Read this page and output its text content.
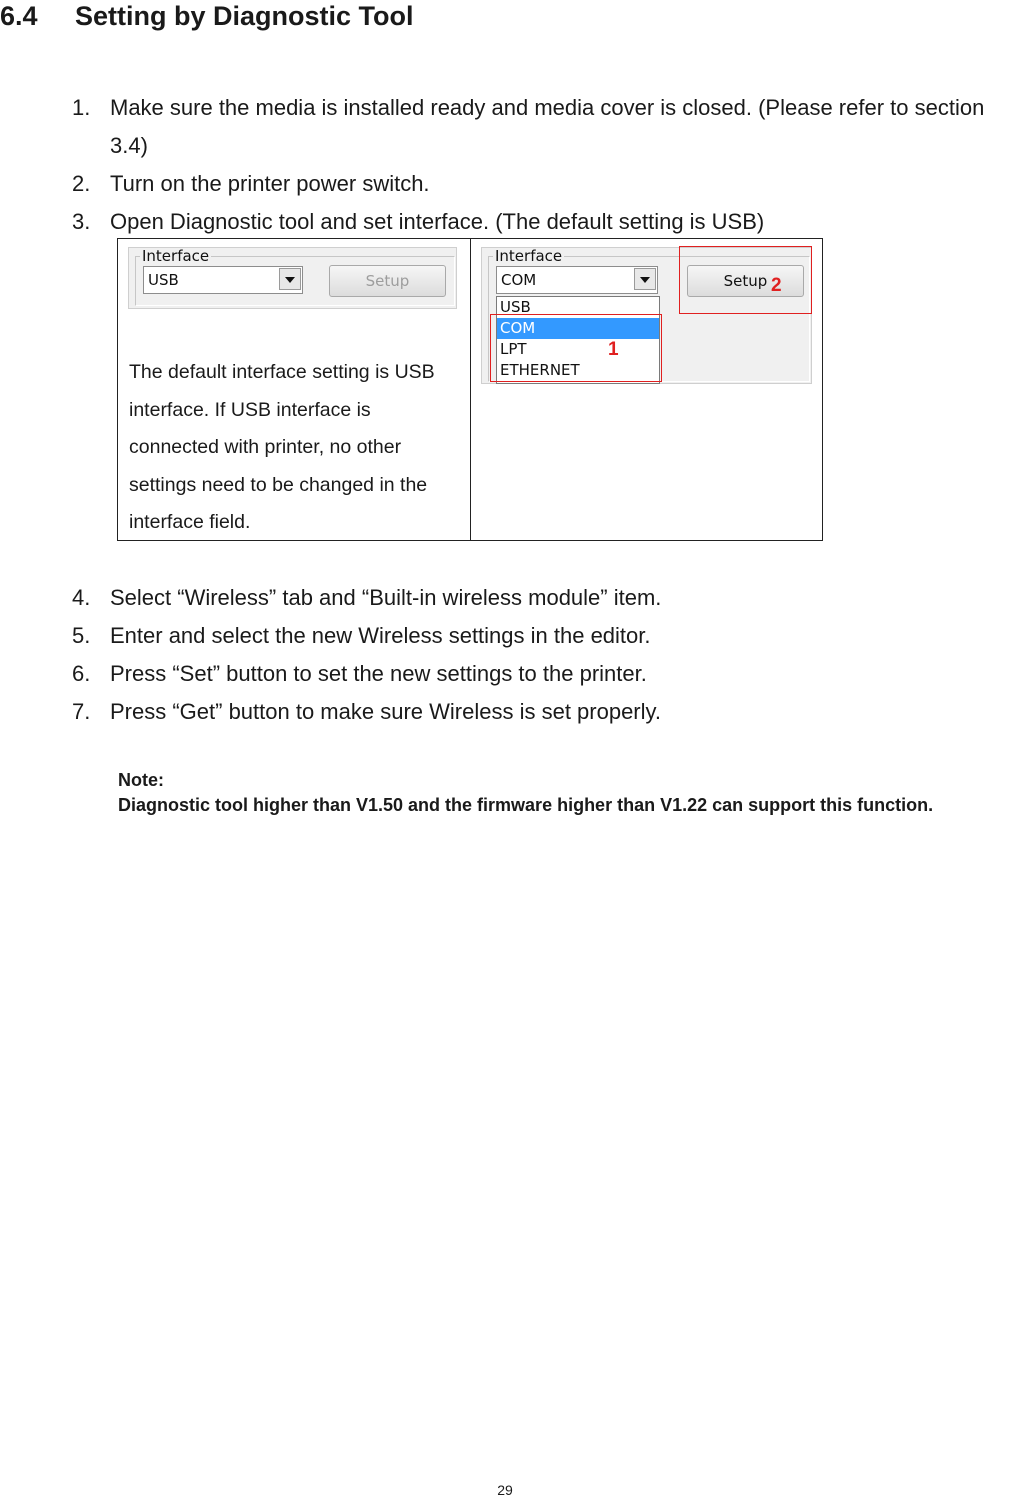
6.4 Setting by Diagnostic Tool
1. Make sure the media is installed ready and media cover is closed. (Please refer to section 3.4)
2. Turn on the printer power switch.
3. Open Diagnostic tool and set interface. (The default setting is USB)
Interface
USB	Setup

The default interface setting is USB interface. If USB interface is connected with printer, no other settings need to be changed in the interface field.

Interface
COM	Setup
USB
COM
LPT
ETHERNET
1
2
4. Select “Wireless” tab and “Built-in wireless module” item.
5. Enter and select the new Wireless settings in the editor.
6. Press “Set” button to set the new settings to the printer.
7. Press “Get” button to make sure Wireless is set properly.
Note:
Diagnostic tool higher than V1.50 and the firmware higher than V1.22 can support this function.
29
